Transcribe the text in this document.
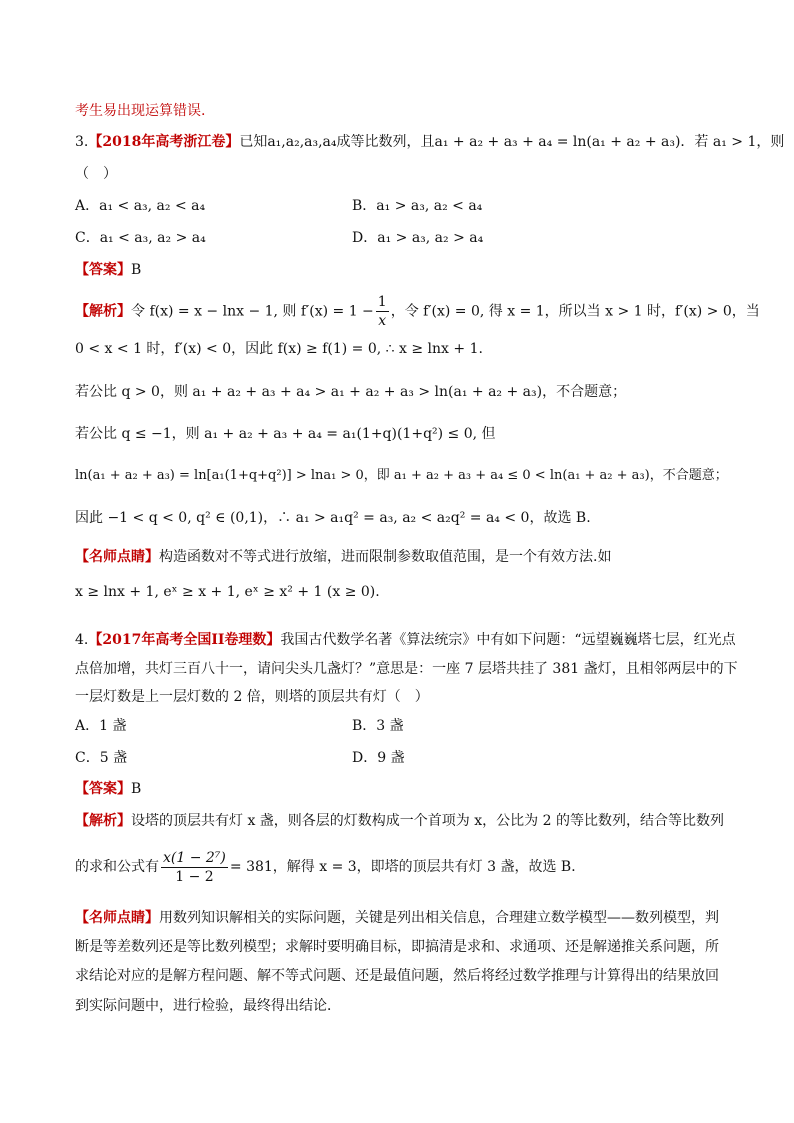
考生易出现运算错误.
3.【2018年高考浙江卷】已知a₁,a₂,a₃,a₄成等比数列，且a₁ + a₂ + a₃ + a₄ = ln(a₁ + a₂ + a₃)．若 a₁ > 1，则
（　）
A．a₁ < a₃, a₂ < a₄	B．a₁ > a₃, a₂ < a₄
C．a₁ < a₃, a₂ > a₄	D．a₁ > a₃, a₂ > a₄
【答案】B
【解析】令 f(x) = x − lnx − 1, 则 $f'(x) = 1 - \frac{1}{x}$ ，令 f′(x) = 0, 得 x = 1，所以当 x > 1 时，f′(x) > 0，当
0 < x < 1 时，f′(x) < 0，因此 f(x) ≥ f(1) = 0, ∴ x ≥ lnx + 1.
若公比 q > 0，则 a₁ + a₂ + a₃ + a₄ > a₁ + a₂ + a₃ > ln(a₁ + a₂ + a₃)，不合题意；
若公比 q ≤ −1，则 a₁ + a₂ + a₃ + a₄ = a₁(1+q)(1+q²) ≤ 0, 但
ln(a₁ + a₂ + a₃) = ln[a₁(1+q+q²)] > lna₁ > 0，即 a₁ + a₂ + a₃ + a₄ ≤ 0 < ln(a₁ + a₂ + a₃)，不合题意；
因此 −1 < q < 0, q² ∈ (0,1)，∴ a₁ > a₁q² = a₃, a₂ < a₂q² = a₄ < 0，故选 B.
【名师点睛】构造函数对不等式进行放缩，进而限制参数取值范围，是一个有效方法.如
x ≥ lnx + 1, eˣ ≥ x + 1, eˣ ≥ x² + 1 (x ≥ 0).
4.【2017年高考全国II卷理数】我国古代数学名著《算法统宗》中有如下问题：“远望巍巍塔七层，红光点
点倍加增，共灯三百八十一，请问尖头几盏灯？”意思是：一座 7 层塔共挂了 381 盏灯，且相邻两层中的下
一层灯数是上一层灯数的 2 倍，则塔的顶层共有灯（　）
A．1 盏	B．3 盏
C．5 盏	D．9 盏
【答案】B
【解析】设塔的顶层共有灯 x 盏，则各层的灯数构成一个首项为 x，公比为 2 的等比数列，结合等比数列
的求和公式有 $\frac{\text{x(1 − 2⁷)}}{1 - 2} = 381$，解得 x = 3，即塔的顶层共有灯 3 盏，故选 B．
【名师点睛】用数列知识解相关的实际问题，关键是列出相关信息，合理建立数学模型——数列模型，判
断是等差数列还是等比数列模型；求解时要明确目标，即搞清是求和、求通项、还是解递推关系问题，所
求结论对应的是解方程问题、解不等式问题、还是最值问题，然后将经过数学推理与计算得出的结果放回
到实际问题中，进行检验，最终得出结论．
